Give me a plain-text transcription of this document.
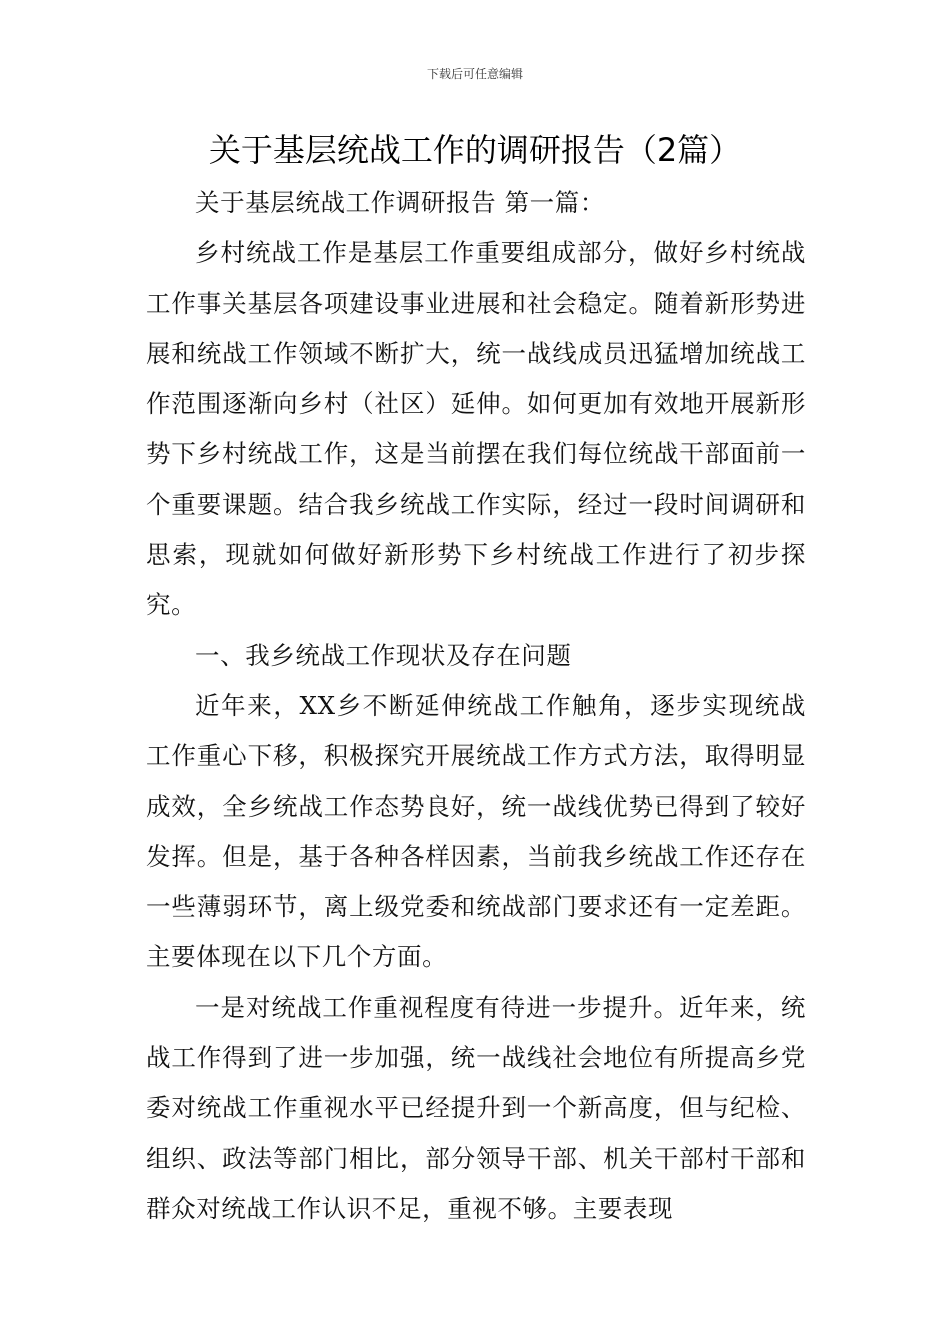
下载后可任意编辑
关于基层统战工作的调研报告（2篇）

关于基层统战工作调研报告 第一篇：

乡村统战工作是基层工作重要组成部分，做好乡村统战工作事关基层各项建设事业进展和社会稳定。随着新形势进展和统战工作领域不断扩大，统一战线成员迅猛增加统战工作范围逐渐向乡村（社区）延伸。如何更加有效地开展新形势下乡村统战工作，这是当前摆在我们每位统战干部面前一个重要课题。结合我乡统战工作实际，经过一段时间调研和思索，现就如何做好新形势下乡村统战工作进行了初步探究。

一、我乡统战工作现状及存在问题

近年来，XX乡不断延伸统战工作触角，逐步实现统战工作重心下移，积极探究开展统战工作方式方法，取得明显成效，全乡统战工作态势良好，统一战线优势已得到了较好发挥。但是，基于各种各样因素，当前我乡统战工作还存在一些薄弱环节，离上级党委和统战部门要求还有一定差距。主要体现在以下几个方面。

一是对统战工作重视程度有待进一步提升。近年来，统战工作得到了进一步加强，统一战线社会地位有所提高乡党委对统战工作重视水平已经提升到一个新高度，但与纪检、组织、政法等部门相比，部分领导干部、机关干部村干部和群众对统战工作认识不足，重视不够。主要表现
